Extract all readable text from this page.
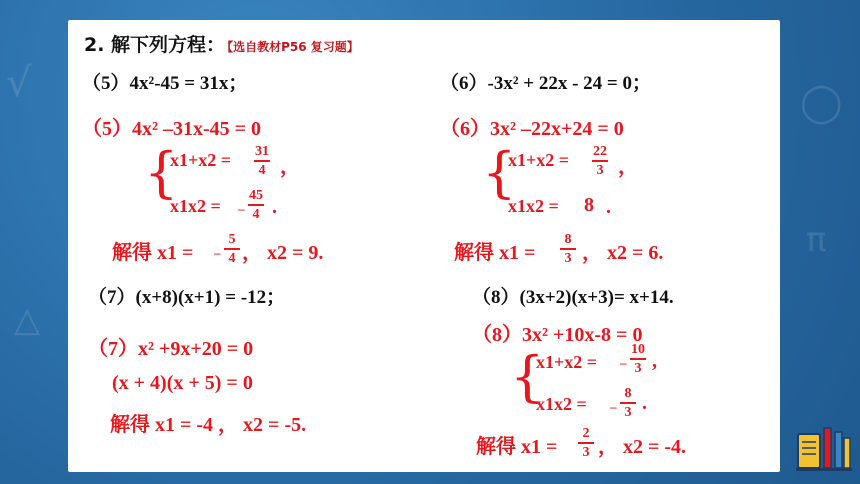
√
△
◯
π
2. 解下列方程： 【选自教材P56 复习题】
（5）4x²-45 = 31x；
（5）4x² –31x-45 = 0
{
x1+x2 = 31
4 ，
x1x2 = –
45
4 .
解得 x1 = –
5
4 ， x2 = 9.
（6）-3x² + 22x - 24 = 0；
（6）3x² –22x+24 = 0
{
x1+x2 = 22
3 ，
x1x2 = 8 .
解得 x1 =
8
3 ， x2 = 6.
（7）(x+8)(x+1) = -12；
（7）x² +9x+20 = 0
(x + 4)(x + 5) = 0
解得 x1 = -4 ， x2 = -5.
（8）(3x+2)(x+3)= x+14.
（8）3x² +10x-8 = 0
{
x1+x2 = –
10
3 ,
x1x2 = –
8
3 .
解得 x1 =
2
3 ， x2 = -4.
